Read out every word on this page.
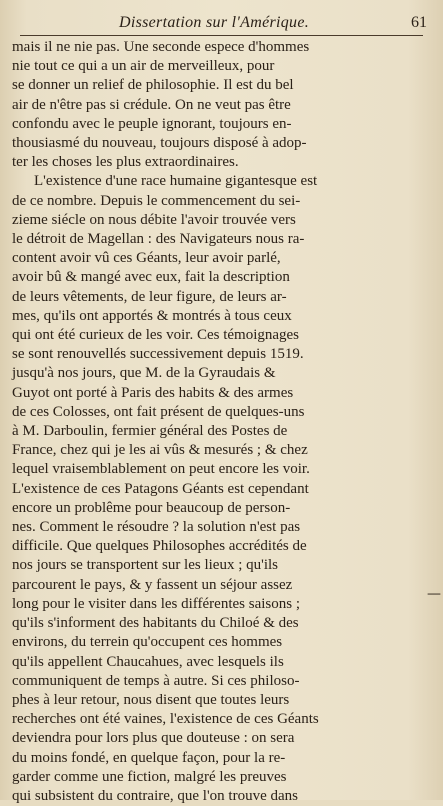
Dissertation sur l'Amérique.	61
mais il ne nie pas. Une seconde espece d'hommes
nie tout ce qui a un air de merveilleux, pour
se donner un relief de philosophie. Il est du bel
air de n'être pas si crédule. On ne veut pas être
confondu avec le peuple ignorant, toujours en-
thousiasmé du nouveau, toujours disposé à adop-
ter les choses les plus extraordinaires.
L'existence d'une race humaine gigantesque est
de ce nombre. Depuis le commencement du sei-
zieme siécle on nous débite l'avoir trouvée vers
le détroit de Magellan : des Navigateurs nous ra-
content avoir vû ces Géants, leur avoir parlé,
avoir bû & mangé avec eux, fait la description
de leurs vêtements, de leur figure, de leurs ar-
mes, qu'ils ont apportés & montrés à tous ceux
qui ont été curieux de les voir. Ces témoignages
se sont renouvellés successivement depuis 1519.
jusqu'à nos jours, que M. de la Gyraudais &
Guyot ont porté à Paris des habits & des armes
de ces Colosses, ont fait présent de quelques-uns
à M. Darboulin, fermier général des Postes de
France, chez qui je les ai vûs & mesurés ; & chez
lequel vraisemblablement on peut encore les voir.
L'existence de ces Patagons Géants est cependant
encore un problême pour beaucoup de person-
nes. Comment le résoudre ? la solution n'est pas
difficile. Que quelques Philosophes accrédités de
nos jours se transportent sur les lieux ; qu'ils
parcourent le pays, & y fassent un séjour assez
long pour le visiter dans les différentes saisons ;
qu'ils s'informent des habitants du Chiloé & des
environs, du terrein qu'occupent ces hommes
qu'ils appellent Chaucahues, avec lesquels ils
communiquent de temps à autre. Si ces philoso-
phes à leur retour, nous disent que toutes leurs
recherches ont été vaines, l'existence de ces Géants
deviendra pour lors plus que douteuse : on sera
du moins fondé, en quelque façon, pour la re-
garder comme une fiction, malgré les preuves
qui subsistent du contraire, que l'on trouve dans
—
